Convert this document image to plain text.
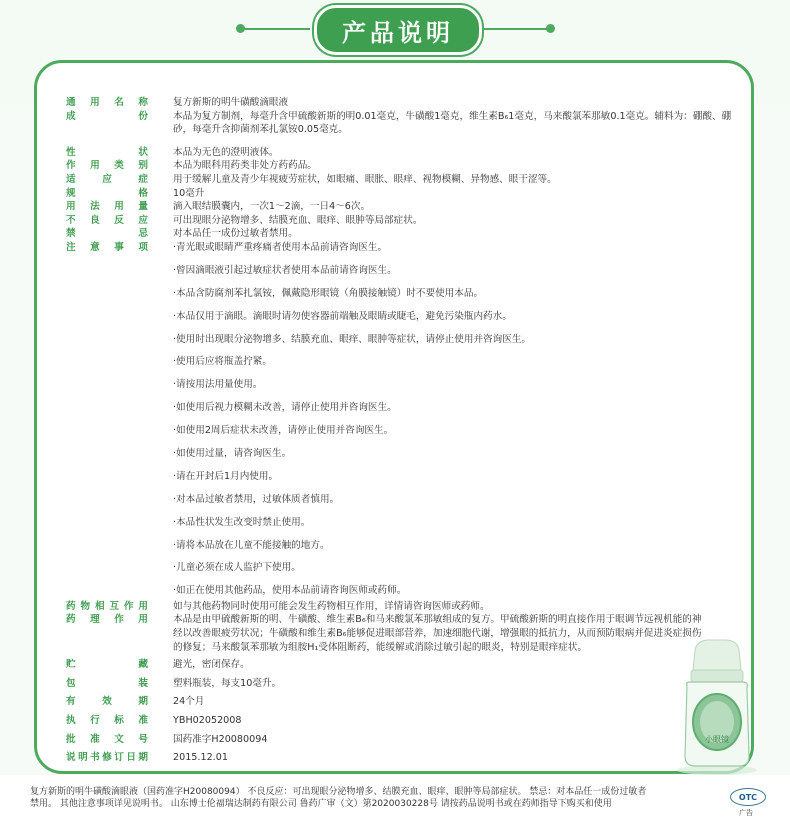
产品说明
通用名称	复方新斯的明牛磺酸滴眼液
成份	本品为复方制剂，每毫升含甲硫酸新斯的明0.01毫克，牛磺酸1毫克，维生素B₆1毫克，马来酸氯苯那敏0.1毫克。辅料为：硼酸、硼砂，每毫升含抑菌剂苯扎氯铵0.05毫克。
性状	本品为无色的澄明液体。
作用类别	本品为眼科用药类非处方药药品。
适应症	用于缓解儿童及青少年视疲劳症状，如眼痛、眼胀、眼痒、视物模糊、异物感、眼干涩等。
规格	10毫升
用法用量	滴入眼结膜囊内，一次1～2滴，一日4～6次。
不良反应	可出现眼分泌物增多、结膜充血、眼痒、眼肿等局部症状。
禁忌	对本品任一成份过敏者禁用。
注意事项	·青光眼或眼睛严重疼痛者使用本品前请咨询医生。
·曾因滴眼液引起过敏症状者使用本品前请咨询医生。
·本品含防腐剂苯扎氯铵，佩戴隐形眼镜（角膜接触镜）时不要使用本品。
·本品仅用于滴眼。滴眼时请勿使容器前端触及眼睛或睫毛，避免污染瓶内药水。
·使用时出现眼分泌物增多、结膜充血、眼痒、眼肿等症状，请停止使用并咨询医生。
·使用后应将瓶盖拧紧。
·请按用法用量使用。
·如使用后视力模糊未改善，请停止使用并咨询医生。
·如使用2周后症状未改善，请停止使用并咨询医生。
·如使用过量，请咨询医生。
·请在开封后1月内使用。
·对本品过敏者禁用，过敏体质者慎用。
·本品性状发生改变时禁止使用。
·请将本品放在儿童不能接触的地方。
·儿童必须在成人监护下使用。
·如正在使用其他药品，使用本品前请咨询医师或药师。
药物相互作用	如与其他药物同时使用可能会发生药物相互作用，详情请咨询医师或药师。
药理作用	本品是由甲硫酸新斯的明、牛磺酸、维生素B₆和马来酸氯苯那敏组成的复方。甲硫酸新斯的明直接作用于眼调节远视机能的神经以改善眼疲劳状况；牛磺酸和维生素B₆能够促进眼部营养，加速细胞代谢，增强眼的抵抗力，从而预防眼病并促进炎症损伤的修复；马来酸氯苯那敏为组胺H₁受体阻断药，能缓解或消除过敏引起的眼炎，特别是眼痒症状。
贮藏	避光，密闭保存。
包装	塑料瓶装，每支10毫升。
有效期	24个月
执行标准	YBH02052008
批准文号	国药准字H20080094
说明书修订日期	2015.12.01
小眼镜
复方新斯的明牛磺酸滴眼液（国药准字H20080094） 不良反应：可出现眼分泌物增多、结膜充血、眼痒、眼肿等局部症状。 禁忌：对本品任一成份过敏者
禁用。 其他注意事项详见说明书。 山东博士伦福瑞达制药有限公司 鲁药广审（文）第2020030228号 请按药品说明书或在药师指导下购买和使用
OTC
广告
